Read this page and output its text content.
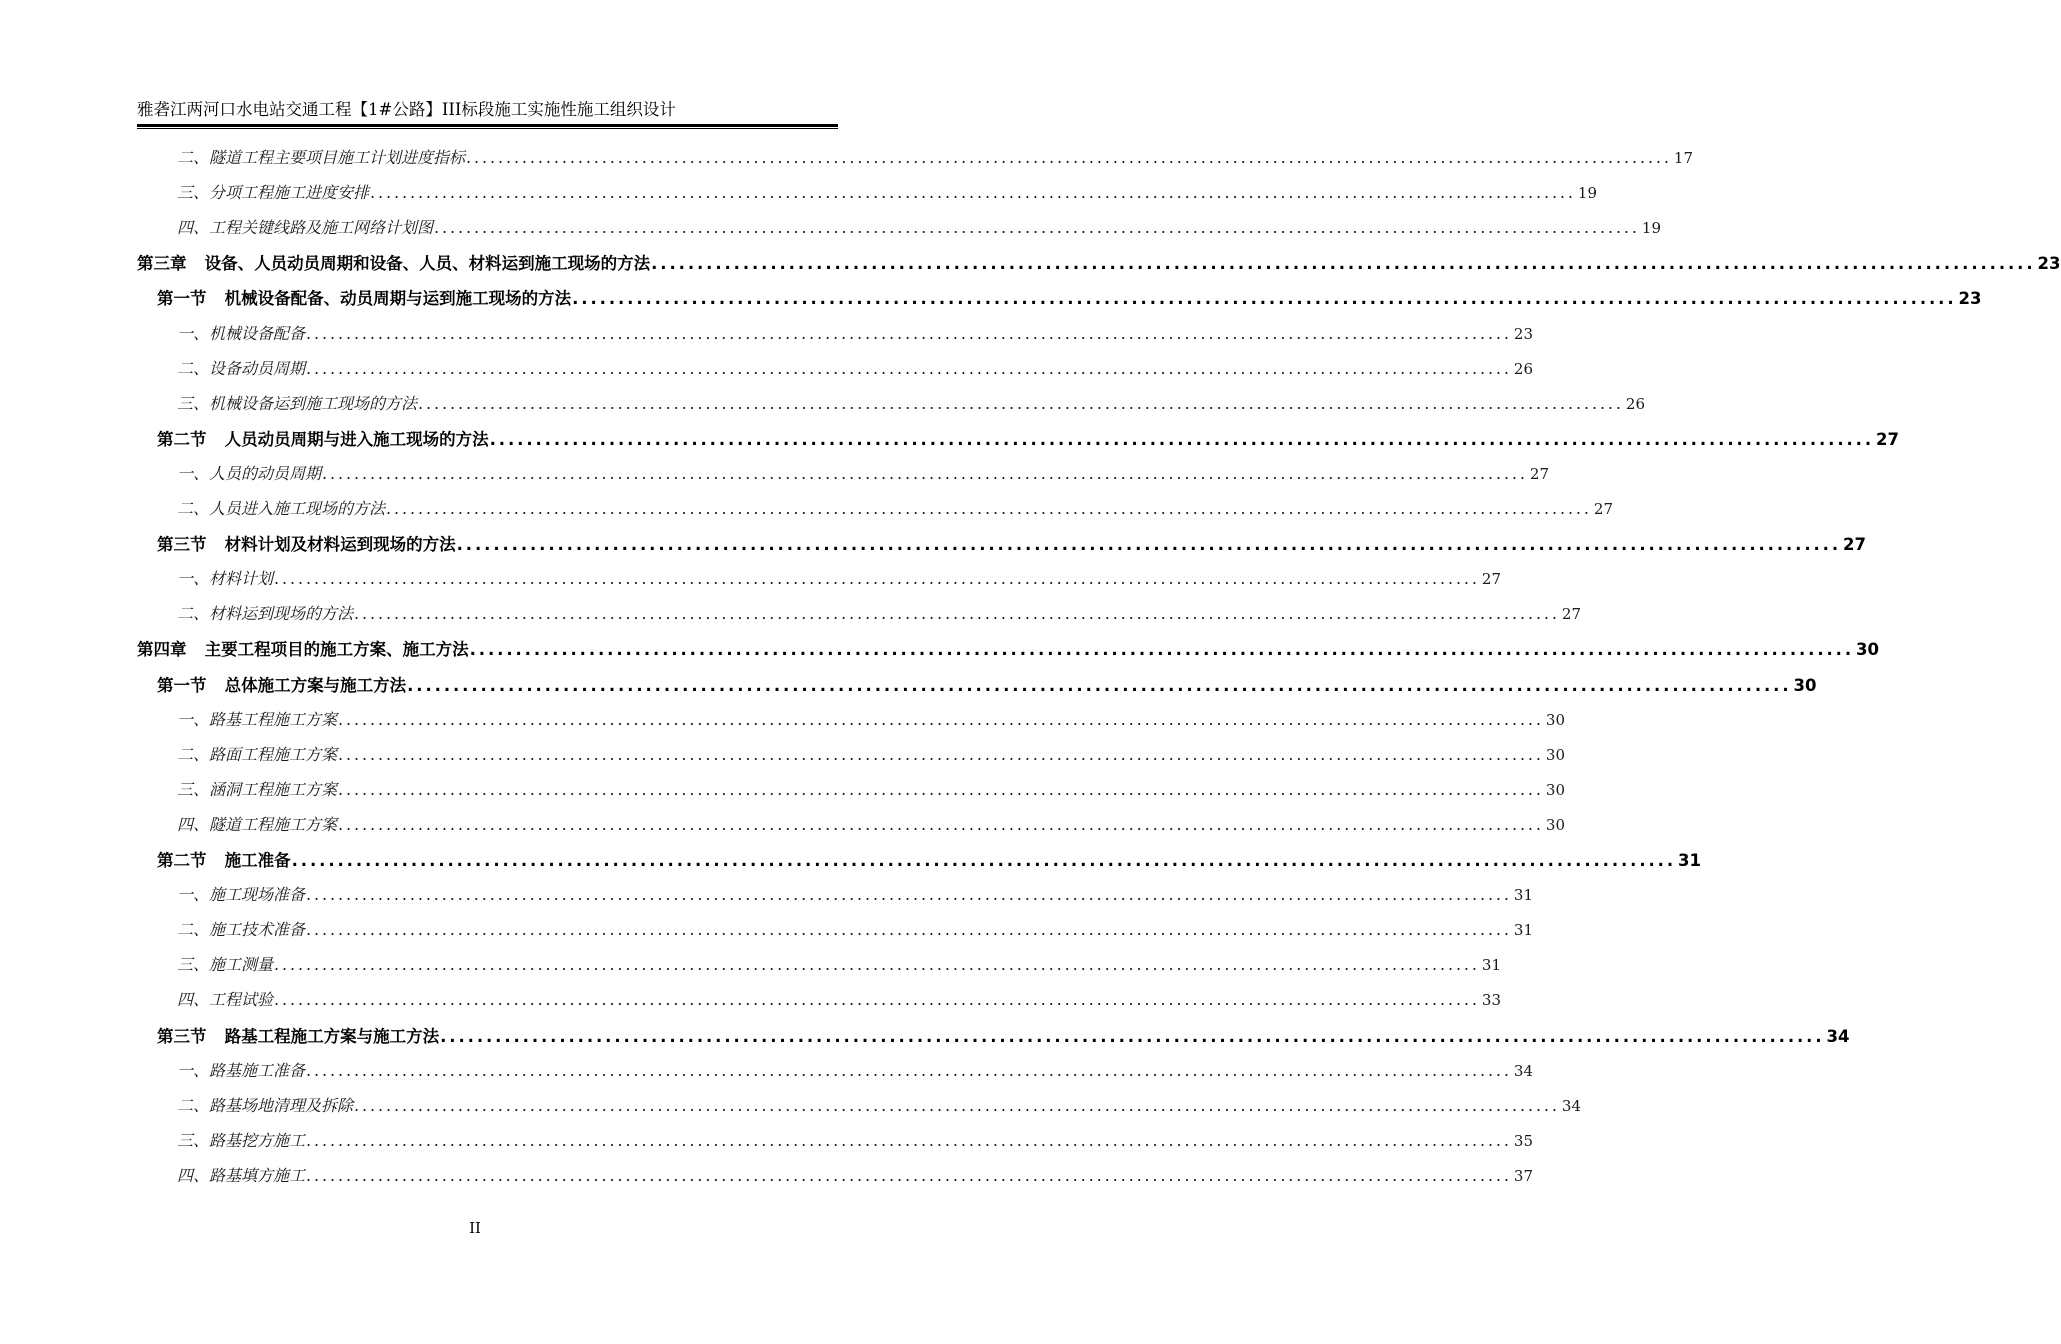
雅砻江两河口水电站交通工程【1#公路】III标段施工实施性施工组织设计
二、 隧道工程主要项目施工计划进度指标 ....................................................................................................................................................... 17
三、 分项工程施工进度安排 ....................................................................................................................................................... 19
四、 工程关键线路及施工网络计划图 ....................................................................................................................................................... 19
第三章 设备、人员动员周期和设备、人员、材料运到施工现场的方法 ....................................................................................................................................................... 23
第一节 机械设备配备、动员周期与运到施工现场的方法 ....................................................................................................................................................... 23
一、 机械设备配备 ....................................................................................................................................................... 23
二、 设备动员周期 ....................................................................................................................................................... 26
三、 机械设备运到施工现场的方法 ....................................................................................................................................................... 26
第二节 人员动员周期与进入施工现场的方法 ....................................................................................................................................................... 27
一、 人员的动员周期 ....................................................................................................................................................... 27
二、 人员进入施工现场的方法 ....................................................................................................................................................... 27
第三节 材料计划及材料运到现场的方法 ....................................................................................................................................................... 27
一、 材料计划 ....................................................................................................................................................... 27
二、 材料运到现场的方法 ....................................................................................................................................................... 27
第四章 主要工程项目的施工方案、施工方法 ....................................................................................................................................................... 30
第一节 总体施工方案与施工方法 ....................................................................................................................................................... 30
一、 路基工程施工方案 ....................................................................................................................................................... 30
二、 路面工程施工方案 ....................................................................................................................................................... 30
三、 涵洞工程施工方案 ....................................................................................................................................................... 30
四、 隧道工程施工方案 ....................................................................................................................................................... 30
第二节 施工准备 ....................................................................................................................................................... 31
一、 施工现场准备 ....................................................................................................................................................... 31
二、 施工技术准备 ....................................................................................................................................................... 31
三、 施工测量 ....................................................................................................................................................... 31
四、 工程试验 ....................................................................................................................................................... 33
第三节 路基工程施工方案与施工方法 ....................................................................................................................................................... 34
一、 路基施工准备 ....................................................................................................................................................... 34
二、 路基场地清理及拆除 ....................................................................................................................................................... 34
三、 路基挖方施工 ....................................................................................................................................................... 35
四、 路基填方施工 ....................................................................................................................................................... 37
II
